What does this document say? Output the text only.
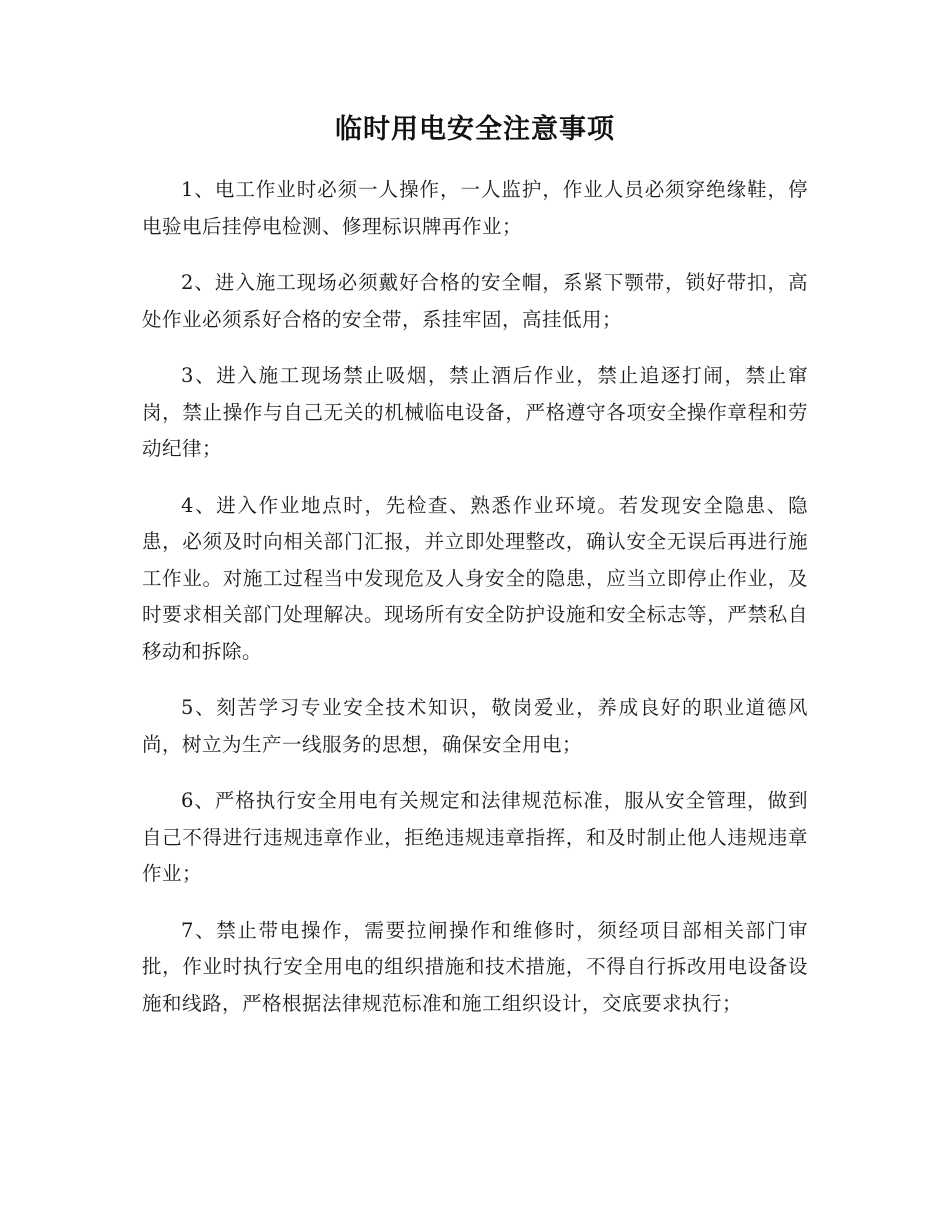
临时用电安全注意事项

1、电工作业时必须一人操作，一人监护，作业人员必须穿绝缘鞋，停电验电后挂停电检测、修理标识牌再作业；

2、进入施工现场必须戴好合格的安全帽，系紧下颚带，锁好带扣，高处作业必须系好合格的安全带，系挂牢固，高挂低用；

3、进入施工现场禁止吸烟，禁止酒后作业，禁止追逐打闹，禁止窜岗，禁止操作与自己无关的机械临电设备，严格遵守各项安全操作章程和劳动纪律；

4、进入作业地点时，先检查、熟悉作业环境。若发现安全隐患、隐患，必须及时向相关部门汇报，并立即处理整改，确认安全无误后再进行施工作业。对施工过程当中发现危及人身安全的隐患，应当立即停止作业，及时要求相关部门处理解决。现场所有安全防护设施和安全标志等，严禁私自移动和拆除。

5、刻苦学习专业安全技术知识，敬岗爱业，养成良好的职业道德风尚，树立为生产一线服务的思想，确保安全用电；

6、严格执行安全用电有关规定和法律规范标准，服从安全管理，做到自己不得进行违规违章作业，拒绝违规违章指挥，和及时制止他人违规违章作业；

7、禁止带电操作，需要拉闸操作和维修时，须经项目部相关部门审批，作业时执行安全用电的组织措施和技术措施，不得自行拆改用电设备设施和线路，严格根据法律规范标准和施工组织设计，交底要求执行；
